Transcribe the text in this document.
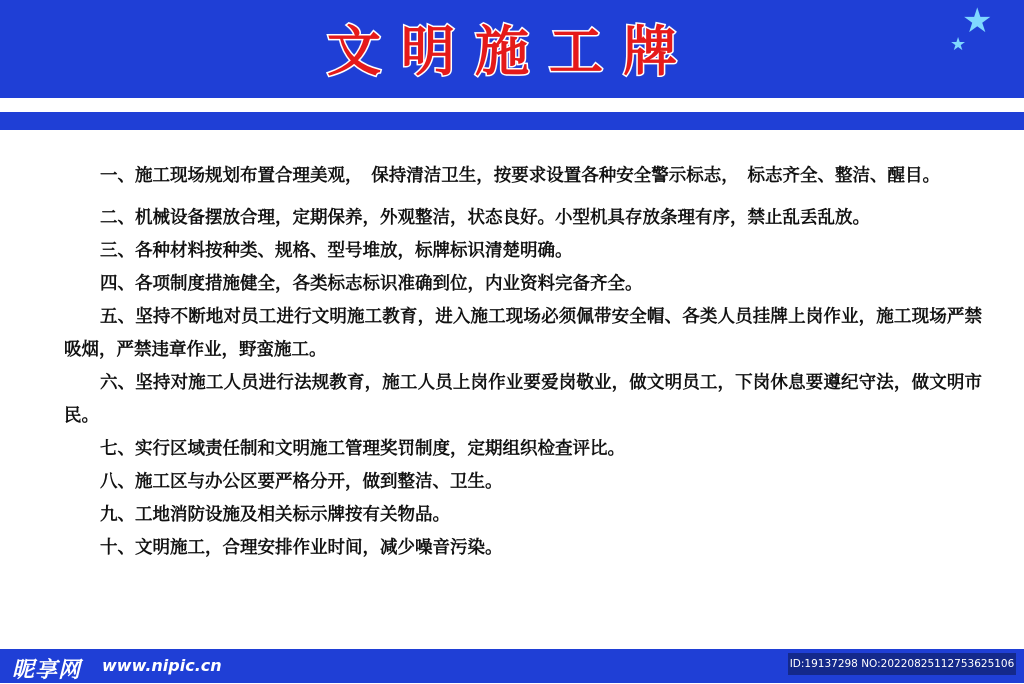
文明施工牌	★
★

一、施工现场规划布置合理美观，　保持清洁卫生，按要求设置各种安全警示标志，　标志齐全、整洁、醒目。

二、机械设备摆放合理，定期保养，外观整洁，状态良好。小型机具存放条理有序，禁止乱丢乱放。

三、各种材料按种类、规格、型号堆放，标牌标识清楚明确。

四、各项制度措施健全，各类标志标识准确到位，内业资料完备齐全。

五、坚持不断地对员工进行文明施工教育，进入施工现场必须佩带安全帽、各类人员挂牌上岗作业，施工现场严禁吸烟，严禁违章作业，野蛮施工。

六、坚持对施工人员进行法规教育，施工人员上岗作业要爱岗敬业，做文明员工，下岗休息要遵纪守法，做文明市民。

七、实行区域责任制和文明施工管理奖罚制度，定期组织检查评比。

八、施工区与办公区要严格分开，做到整洁、卫生。

九、工地消防设施及相关标示牌按有关物品。

十、文明施工，合理安排作业时间，减少噪音污染。

昵享网 www.nipic.cn	ID:19137298 NO:20220825112753625106
